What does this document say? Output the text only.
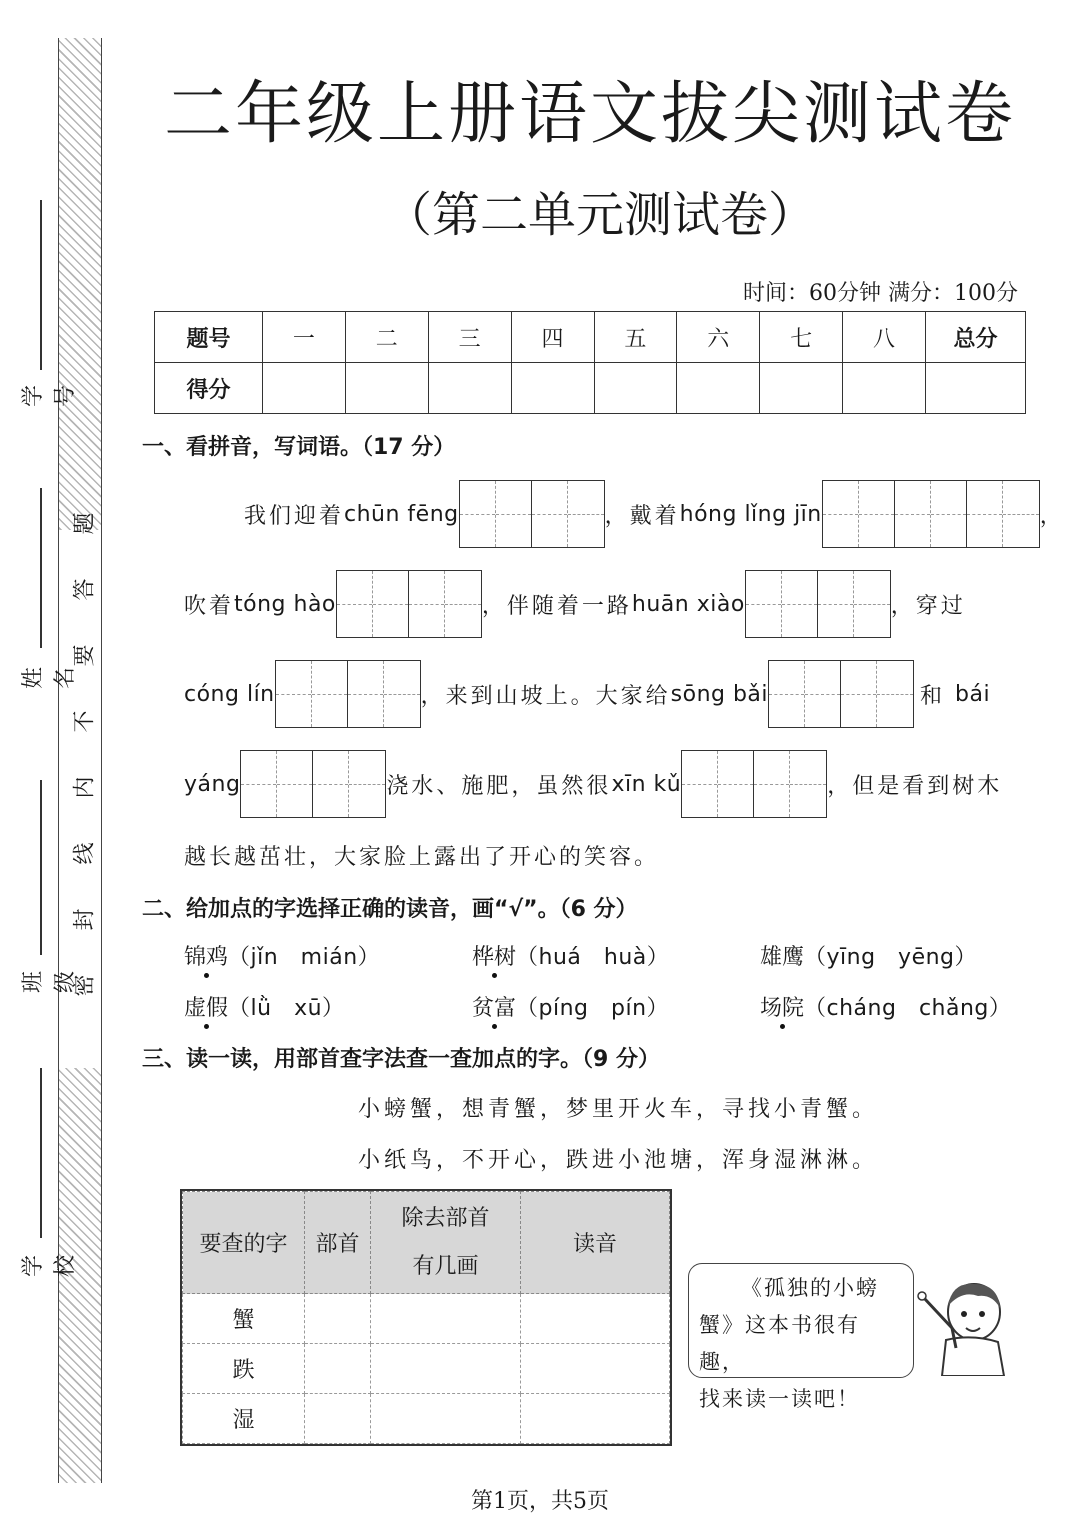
题
答
要
不
内
线
封
密
学号
姓名
班级
学校
二年级上册语文拔尖测试卷
（第二单元测试卷）
时间：60分钟 满分：100分
题号	一	二	三	四	五	六	七	八	总分
得分									
一、看拼音，写词语。（17 分）
我们迎着 chūn fēng	，戴着 hóng lǐng jīn	，
吹着 tóng hào	，伴随着一路 huān xiào	，穿过
cóng lín	，来到山坡上。大家给 sōng bǎi	和 bái
yáng	浇水、施肥，虽然很 xīn kǔ	，但是看到树木
越长越茁壮，大家脸上露出了开心的笑容。
二、给加点的字选择正确的读音，画“√”。（6 分）
锦鸡（jǐn　mián）	桦树（huá　huà）	雄鹰（yīng　yēng）
虚假（lǜ　xū）	贫富（píng　pín）	场院（cháng　chǎng）
三、读一读，用部首查字法查一查加点的字。（9 分）
小螃蟹，想青蟹，梦里开火车，寻找小青蟹。
小纸鸟，不开心，跌进小池塘，浑身湿淋淋。
要查的字	部首	除去部首有几画	读音
蟹			
跌			
湿			
《孤独的小螃
蟹》这本书很有趣，
找来读一读吧！
第1页，共5页
